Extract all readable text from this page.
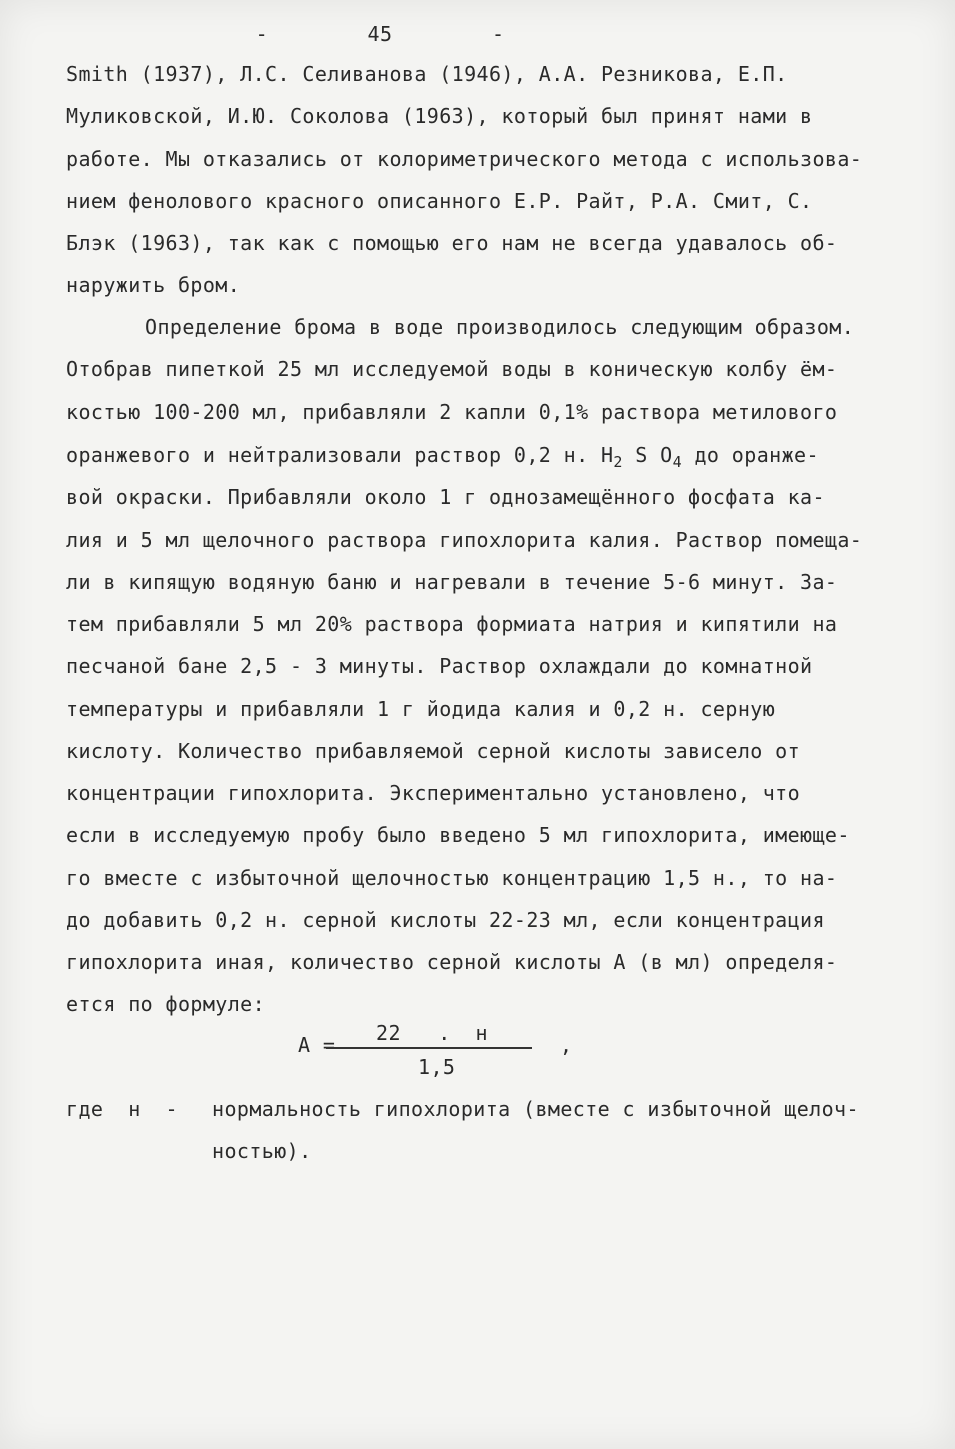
-	45	-
Smith (1937), Л.С. Селиванова (1946), А.А. Резникова, Е.П.
Муликовской, И.Ю. Соколова (1963), который был принят нами в
работе. Мы отказались от колориметрического метода с использова-
нием фенолового красного описанного Е.Р. Райт, Р.А. Смит, С.
Блэк (1963), так как с помощью его нам не всегда удавалось об-
наружить бром.
Определение брома в воде производилось следующим образом.
Отобрав пипеткой 25 мл исследуемой воды в коническую колбу ём-
костью 100-200 мл, прибавляли 2 капли 0,1% раствора метилового
оранжевого и нейтрализовали раствор 0,2 н. $H_2$ S $O_4$ до оранже-
вой окраски. Прибавляли около 1 г однозамещённого фосфата ка-
лия и 5 мл щелочного раствора гипохлорита калия. Раствор помеща-
ли в кипящую водяную баню и нагревали в течение 5-6 минут. За-
тем прибавляли 5 мл 20% раствора формиата натрия и кипятили на
песчаной бане 2,5 - 3 минуты. Раствор охлаждали до комнатной
температуры и прибавляли 1 г йодида калия и 0,2 н. серную
кислоту. Количество прибавляемой серной кислоты зависело от
концентрации гипохлорита. Экспериментально установлено, что
если в исследуемую пробу было введено 5 мл гипохлорита, имеюще-
го вместе с избыточной щелочностью концентрацию 1,5 н., то на-
до добавить 0,2 н. серной кислоты 22-23 мл, если концентрация
гипохлорита иная, количество серной кислоты А (в мл) определя-
ется по формуле:
А = 22   .  н
1,5
,
где  н  - нормальность гипохлорита (вместе с избыточной щелоч-
ностью).
